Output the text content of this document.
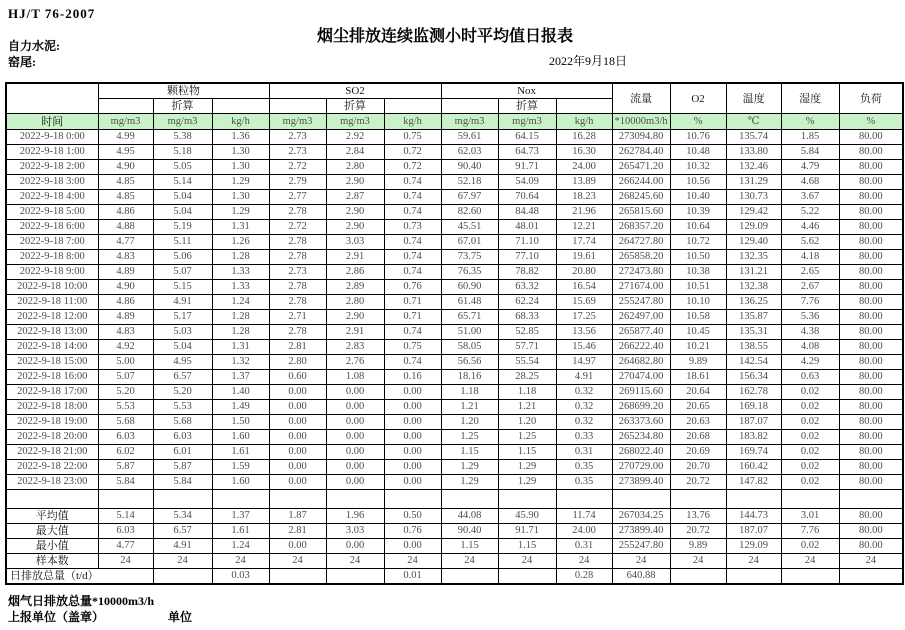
HJ/T 76-2007
烟尘排放连续监测小时平均值日报表
自力水泥:
窑尾:	2022年9月18日
	颗粒物			SO2			Nox			流量	O2	温度	湿度	负荷
		折算			折算			折算						
时间	mg/m3	mg/m3	kg/h	mg/m3	mg/m3	kg/h	mg/m3	mg/m3	kg/h	*10000m3/h	%	℃	%	%
2022-9-18 0:00	4.99	5.38	1.36	2.73	2.92	0.75	59.61	64.15	16.28	273094.80	10.76	135.74	1.85	80.00
2022-9-18 1:00	4.95	5.18	1.30	2.73	2.84	0.72	62.03	64.73	16.30	262784.40	10.48	133.80	5.84	80.00
2022-9-18 2:00	4.90	5.05	1.30	2.72	2.80	0.72	90.40	91.71	24.00	265471.20	10.32	132.46	4.79	80.00
2022-9-18 3:00	4.85	5.14	1.29	2.79	2.90	0.74	52.18	54.09	13.89	266244.00	10.56	131.29	4.68	80.00
2022-9-18 4:00	4.85	5.04	1.30	2.77	2.87	0.74	67.97	70.64	18.23	268245.60	10.40	130.73	3.67	80.00
2022-9-18 5:00	4.86	5.04	1.29	2.78	2.90	0.74	82.60	84.48	21.96	265815.60	10.39	129.42	5.22	80.00
2022-9-18 6:00	4.88	5.19	1.31	2.72	2.90	0.73	45.51	48.01	12.21	268357.20	10.64	129.09	4.46	80.00
2022-9-18 7:00	4.77	5.11	1.26	2.78	3.03	0.74	67.01	71.10	17.74	264727.80	10.72	129.40	5.62	80.00
2022-9-18 8:00	4.83	5.06	1.28	2.78	2.91	0.74	73.75	77.10	19.61	265858.20	10.50	132.35	4.18	80.00
2022-9-18 9:00	4.89	5.07	1.33	2.73	2.86	0.74	76.35	78.82	20.80	272473.80	10.38	131.21	2.65	80.00
2022-9-18 10:00	4.90	5.15	1.33	2.78	2.89	0.76	60.90	63.32	16.54	271674.00	10.51	132.38	2.67	80.00
2022-9-18 11:00	4.86	4.91	1.24	2.78	2.80	0.71	61.48	62.24	15.69	255247.80	10.10	136.25	7.76	80.00
2022-9-18 12:00	4.89	5.17	1.28	2.71	2.90	0.71	65.71	68.33	17.25	262497.00	10.58	135.87	5.36	80.00
2022-9-18 13:00	4.83	5.03	1.28	2.78	2.91	0.74	51.00	52.85	13.56	265877.40	10.45	135.31	4.38	80.00
2022-9-18 14:00	4.92	5.04	1.31	2.81	2.83	0.75	58.05	57.71	15.46	266222.40	10.21	138.55	4.08	80.00
2022-9-18 15:00	5.00	4.95	1.32	2.80	2.76	0.74	56.56	55.54	14.97	264682.80	9.89	142.54	4.29	80.00
2022-9-18 16:00	5.07	6.57	1.37	0.60	1.08	0.16	18.16	28.25	4.91	270474.00	18.61	156.34	0.63	80.00
2022-9-18 17:00	5.20	5.20	1.40	0.00	0.00	0.00	1.18	1.18	0.32	269115.60	20.64	162.78	0.02	80.00
2022-9-18 18:00	5.53	5.53	1.49	0.00	0.00	0.00	1.21	1.21	0.32	268699.20	20.65	169.18	0.02	80.00
2022-9-18 19:00	5.68	5.68	1.50	0.00	0.00	0.00	1.20	1.20	0.32	263373.60	20.63	187.07	0.02	80.00
2022-9-18 20:00	6.03	6.03	1.60	0.00	0.00	0.00	1.25	1.25	0.33	265234.80	20.68	183.82	0.02	80.00
2022-9-18 21:00	6.02	6.01	1.61	0.00	0.00	0.00	1.15	1.15	0.31	268022.40	20.69	169.74	0.02	80.00
2022-9-18 22:00	5.87	5.87	1.59	0.00	0.00	0.00	1.29	1.29	0.35	270729.00	20.70	160.42	0.02	80.00
2022-9-18 23:00	5.84	5.84	1.60	0.00	0.00	0.00	1.29	1.29	0.35	273899.40	20.72	147.82	0.02	80.00

平均值	5.14	5.34	1.37	1.87	1.96	0.50	44.08	45.90	11.74	267034.25	13.76	144.73	3.01	80.00
最大值	6.03	6.57	1.61	2.81	3.03	0.76	90.40	91.71	24.00	273899.40	20.72	187.07	7.76	80.00
最小值	4.77	4.91	1.24	0.00	0.00	0.00	1.15	1.15	0.31	255247.80	9.89	129.09	0.02	80.00
样本数	24	24	24	24	24	24	24	24	24	24	24	24	24	24
日排放总量（t/d）			0.03			0.01			0.28	640.88				
烟气日排放总量*10000m3/h
上报单位（盖章）	单位
